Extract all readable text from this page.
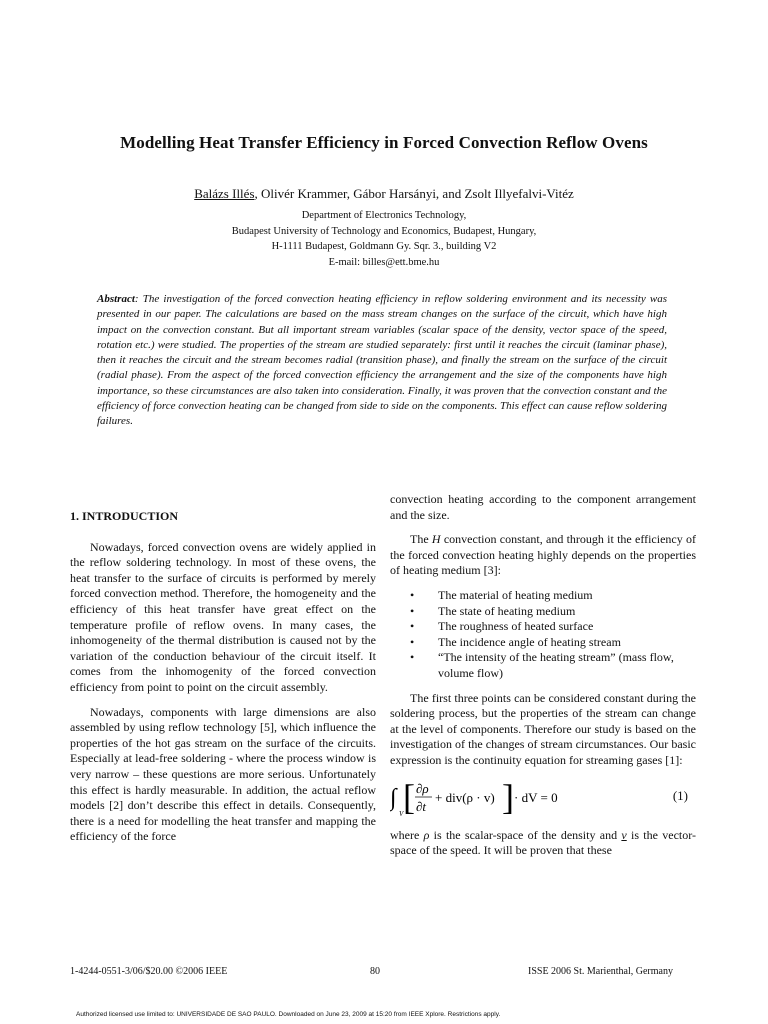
Modelling Heat Transfer Efficiency in Forced Convection Reflow Ovens
Balázs Illés, Olivér Krammer, Gábor Harsányi, and Zsolt Illyefalvi-Vitéz
Department of Electronics Technology,
Budapest University of Technology and Economics, Budapest, Hungary,
H-1111 Budapest, Goldmann Gy. Sqr. 3., building V2
E-mail: billes@ett.bme.hu
Abstract: The investigation of the forced convection heating efficiency in reflow soldering environment and its necessity was presented in our paper. The calculations are based on the mass stream changes on the surface of the circuit, which have high impact on the convection constant. But all important stream variables (scalar space of the density, vector space of the speed, rotation etc.) were studied. The properties of the stream are studied separately: first until it reaches the circuit (laminar phase), then it reaches the circuit and the stream becomes radial (transition phase), and finally the stream on the surface of the circuit (radial phase). From the aspect of the forced convection efficiency the arrangement and the size of the components have high importance, so these circumstances are also taken into consideration. Finally, it was proven that the convection constant and the efficiency of force convection heating can be changed from side to side on the components. This effect can cause reflow soldering failures.
1. INTRODUCTION

Nowadays, forced convection ovens are widely applied in the reflow soldering technology. In most of these ovens, the heat transfer to the surface of circuits is performed by merely forced convection method. Therefore, the homogeneity and the efficiency of this heat transfer have great effect on the temperature profile of reflow ovens. In many cases, the inhomogeneity of the thermal distribution is caused not by the variation of the conduction behaviour of the circuit itself. It comes from the inhomogenity of the forced convection efficiency from point to point on the circuit assembly.

Nowadays, components with large dimensions are also assembled by using reflow technology [5], which influence the properties of the hot gas stream on the surface of the circuits. Especially at lead-free soldering - where the process window is very narrow – these questions are more serious. Unfortunately this effect is hardly measurable. In addition, the actual reflow models [2] don’t describe this effect in details. Consequently, there is a need for modelling the heat transfer and mapping the efficiency of the force

convection heating according to the component arrangement and the size.

The H convection constant, and through it the efficiency of the forced convection heating highly depends on the properties of heating medium [3]:

• The material of heating medium
• The state of heating medium
• The roughness of heated surface
• The incidence angle of heating stream
• “The intensity of the heating stream” (mass flow, volume flow)

The first three points can be considered constant during the soldering process, but the properties of the stream can change at the level of components. Therefore our study is based on the investigation of the changes of stream circumstances. Our basic expression is the continuity equation for streaming gases [1]:

∫
V [ ∂ρ
∂t
+ div(ρ · v) ] · dV = 0	(1)

where ρ is the scalar-space of the density and v is the vector-space of the speed. It will be proven that these

1-4244-0551-3/06/$20.00 ©2006 IEEE	80	ISSE 2006 St. Marienthal, Germany
Authorized licensed use limited to: UNIVERSIDADE DE SAO PAULO. Downloaded on June 23, 2009 at 15:20 from IEEE Xplore. Restrictions apply.
